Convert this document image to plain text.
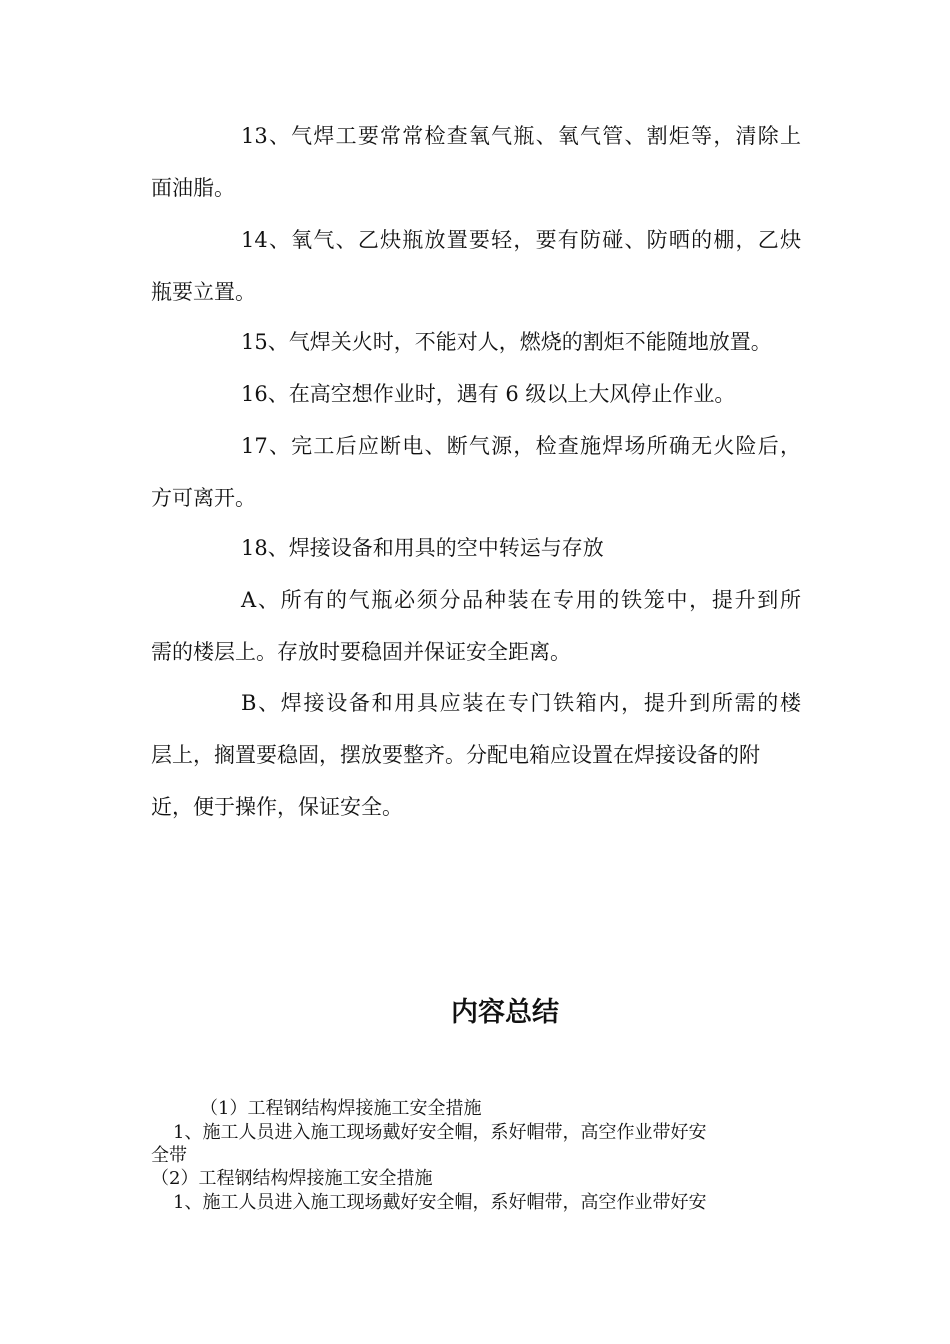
13、气焊工要常常检查氧气瓶、氧气管、割炬等，清除上
面油脂。
14、氧气、乙炔瓶放置要轻，要有防碰、防晒的棚，乙炔
瓶要立置。
15、气焊关火时，不能对人，燃烧的割炬不能随地放置。
16、在高空想作业时，遇有 6 级以上大风停止作业。
17、完工后应断电、断气源，检查施焊场所确无火险后，
方可离开。
18、焊接设备和用具的空中转运与存放
A、所有的气瓶必须分品种装在专用的铁笼中，提升到所
需的楼层上。存放时要稳固并保证安全距离。
B、焊接设备和用具应装在专门铁箱内，提升到所需的楼
层上，搁置要稳固，摆放要整齐。分配电箱应设置在焊接设备的附
近，便于操作，保证安全。
内容总结
（1）工程钢结构焊接施工安全措施
1、施工人员进入施工现场戴好安全帽，系好帽带，高空作业带好安
全带
（2）工程钢结构焊接施工安全措施
1、施工人员进入施工现场戴好安全帽，系好帽带，高空作业带好安
